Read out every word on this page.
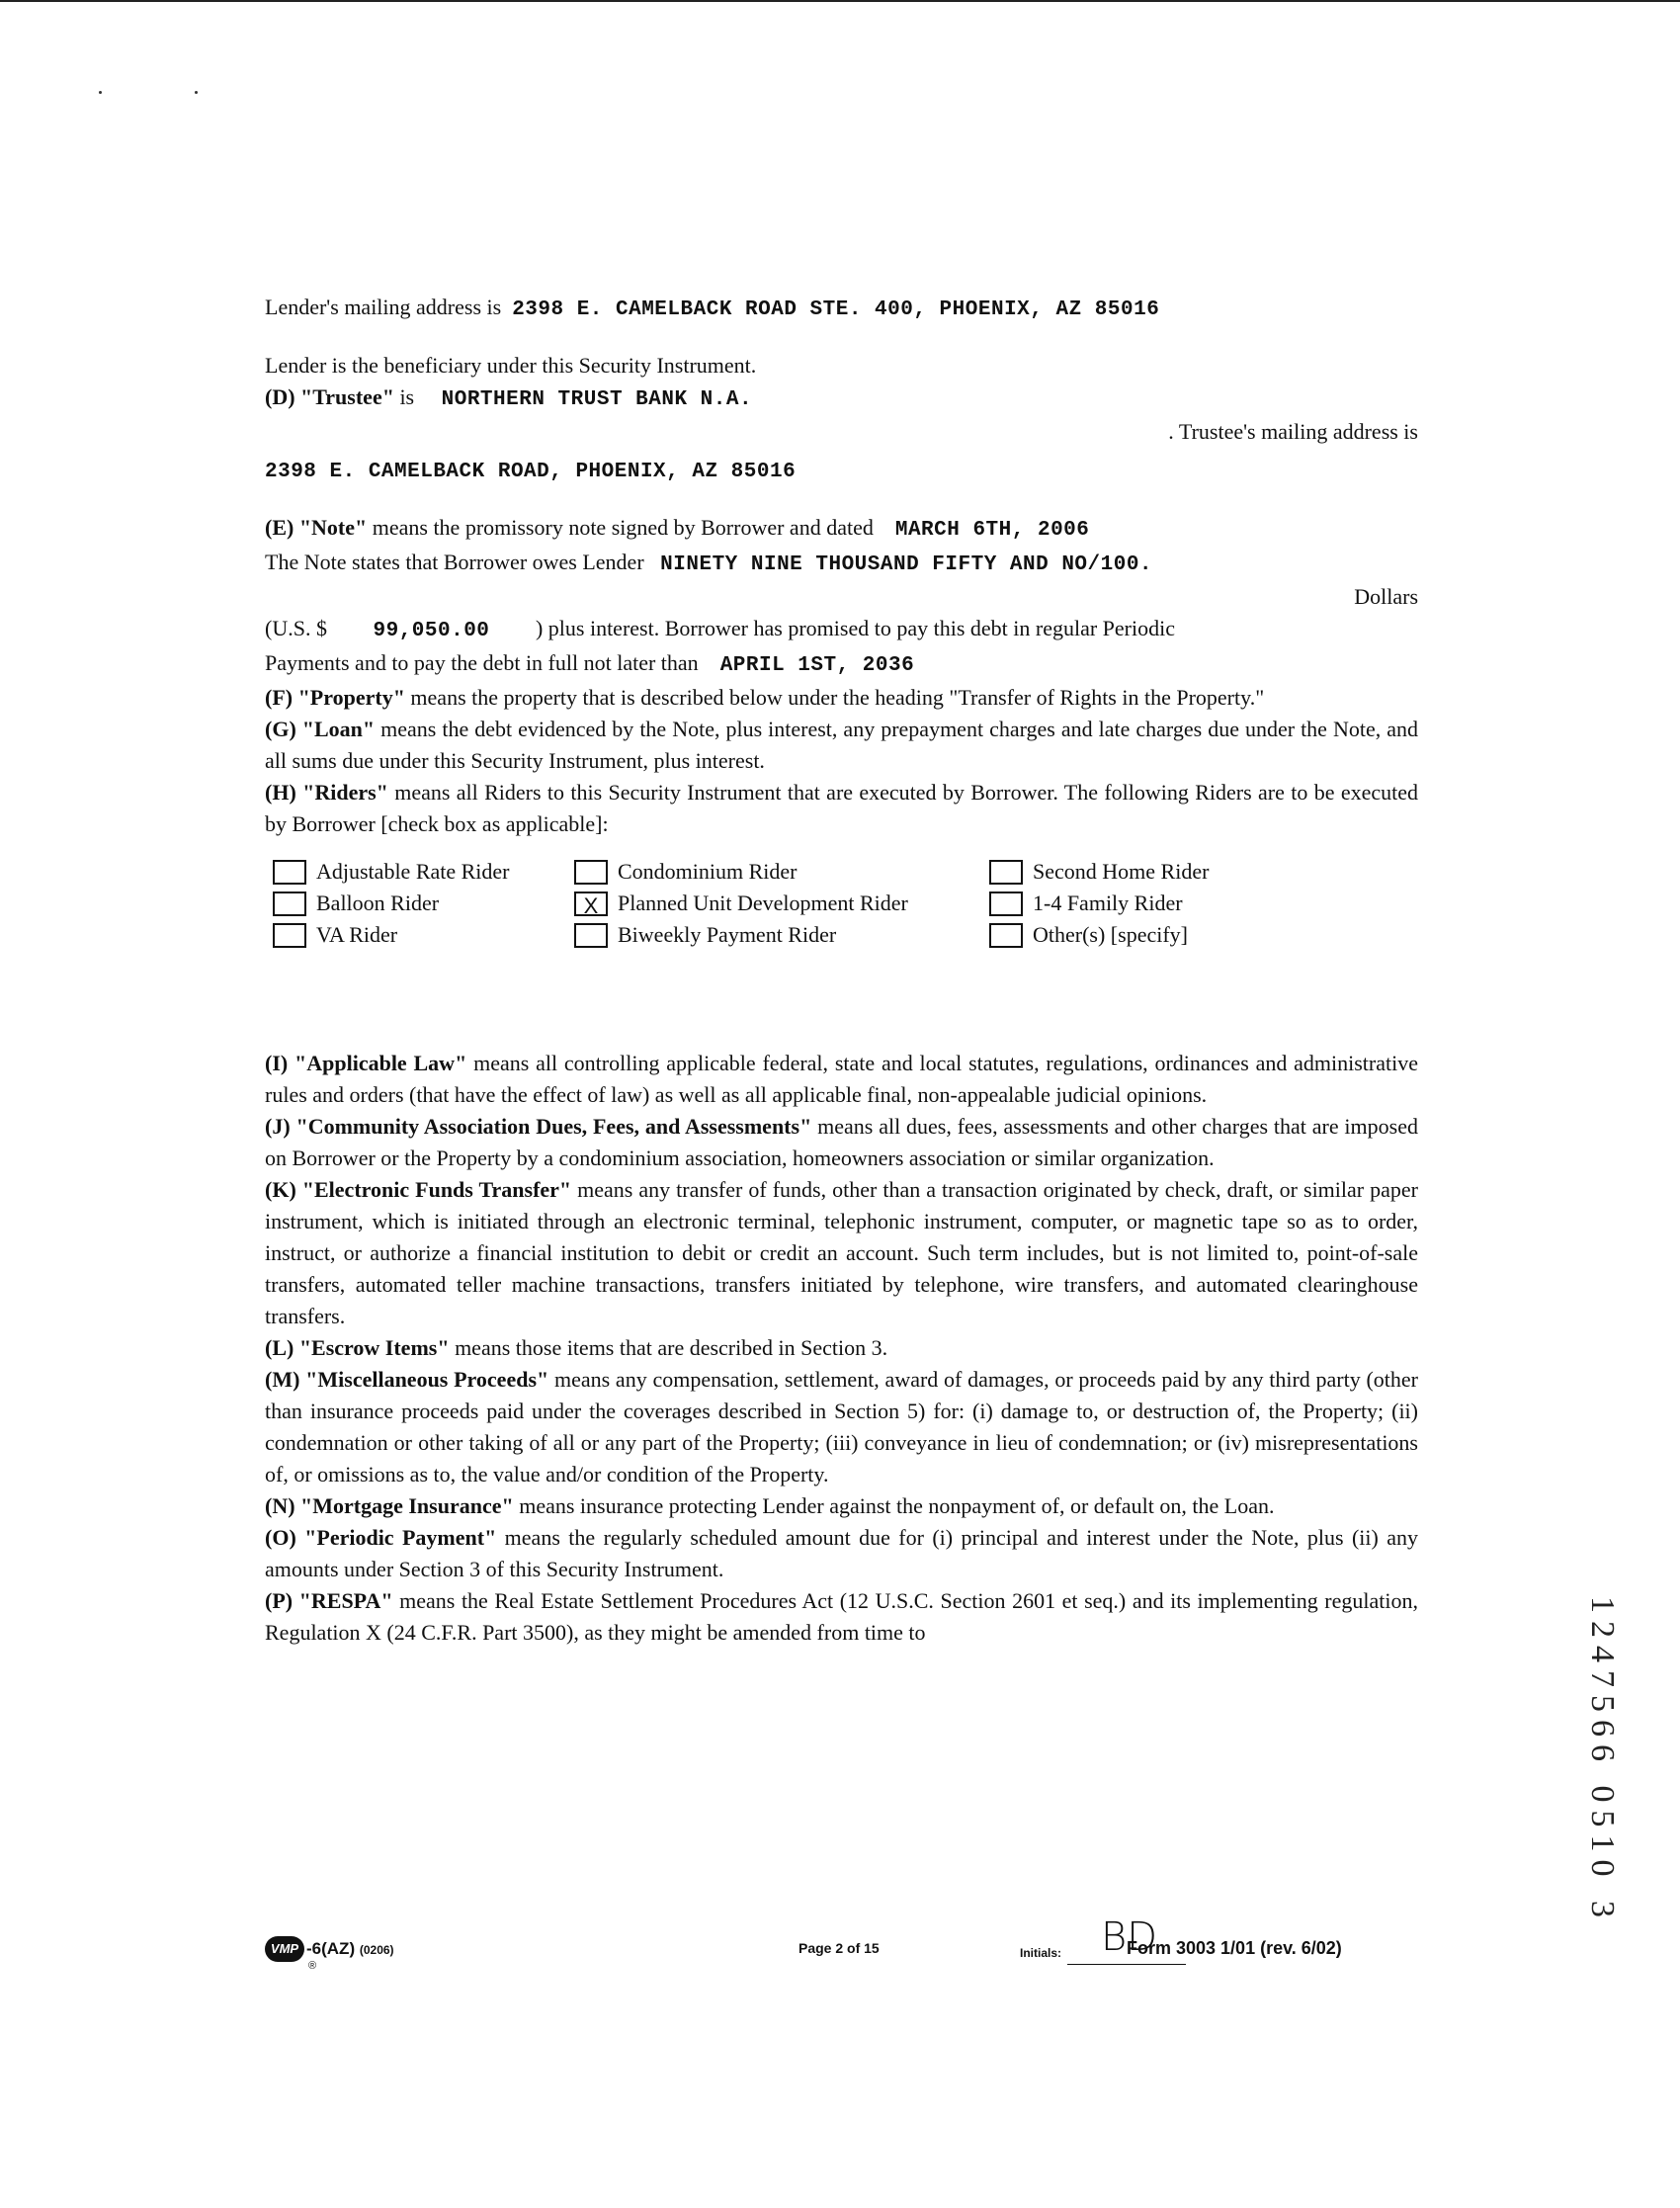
Lender's mailing address is 2398 E. CAMELBACK ROAD STE. 400, PHOENIX, AZ 85016
Lender is the beneficiary under this Security Instrument.
(D) "Trustee" is NORTHERN TRUST BANK N.A.
. Trustee's mailing address is
2398 E. CAMELBACK ROAD, PHOENIX, AZ 85016
(E) "Note" means the promissory note signed by Borrower and dated MARCH 6TH, 2006
The Note states that Borrower owes Lender NINETY NINE THOUSAND FIFTY AND NO/100.
Dollars
(U.S. $ 99,050.00 ) plus interest. Borrower has promised to pay this debt in regular Periodic
Payments and to pay the debt in full not later than APRIL 1ST, 2036
(F) "Property" means the property that is described below under the heading "Transfer of Rights in the Property."
(G) "Loan" means the debt evidenced by the Note, plus interest, any prepayment charges and late charges due under the Note, and all sums due under this Security Instrument, plus interest.
(H) "Riders" means all Riders to this Security Instrument that are executed by Borrower. The following Riders are to be executed by Borrower [check box as applicable]:
Adjustable Rate Rider	Condominium Rider	Second Home Rider
Balloon Rider	X Planned Unit Development Rider	1-4 Family Rider
VA Rider	Biweekly Payment Rider	Other(s) [specify]
(I) "Applicable Law" means all controlling applicable federal, state and local statutes, regulations, ordinances and administrative rules and orders (that have the effect of law) as well as all applicable final, non-appealable judicial opinions.
(J) "Community Association Dues, Fees, and Assessments" means all dues, fees, assessments and other charges that are imposed on Borrower or the Property by a condominium association, homeowners association or similar organization.
(K) "Electronic Funds Transfer" means any transfer of funds, other than a transaction originated by check, draft, or similar paper instrument, which is initiated through an electronic terminal, telephonic instrument, computer, or magnetic tape so as to order, instruct, or authorize a financial institution to debit or credit an account. Such term includes, but is not limited to, point-of-sale transfers, automated teller machine transactions, transfers initiated by telephone, wire transfers, and automated clearinghouse transfers.
(L) "Escrow Items" means those items that are described in Section 3.
(M) "Miscellaneous Proceeds" means any compensation, settlement, award of damages, or proceeds paid by any third party (other than insurance proceeds paid under the coverages described in Section 5) for: (i) damage to, or destruction of, the Property; (ii) condemnation or other taking of all or any part of the Property; (iii) conveyance in lieu of condemnation; or (iv) misrepresentations of, or omissions as to, the value and/or condition of the Property.
(N) "Mortgage Insurance" means insurance protecting Lender against the nonpayment of, or default on, the Loan.
(O) "Periodic Payment" means the regularly scheduled amount due for (i) principal and interest under the Note, plus (ii) any amounts under Section 3 of this Security Instrument.
(P) "RESPA" means the Real Estate Settlement Procedures Act (12 U.S.C. Section 2601 et seq.) and its implementing regulation, Regulation X (24 C.F.R. Part 3500), as they might be amended from time to
VMP -6(AZ) (0206)
®
Page 2 of 15	Initials: BD
Form 3003 1/01 (rev. 6/02)
1247566 0510 3
